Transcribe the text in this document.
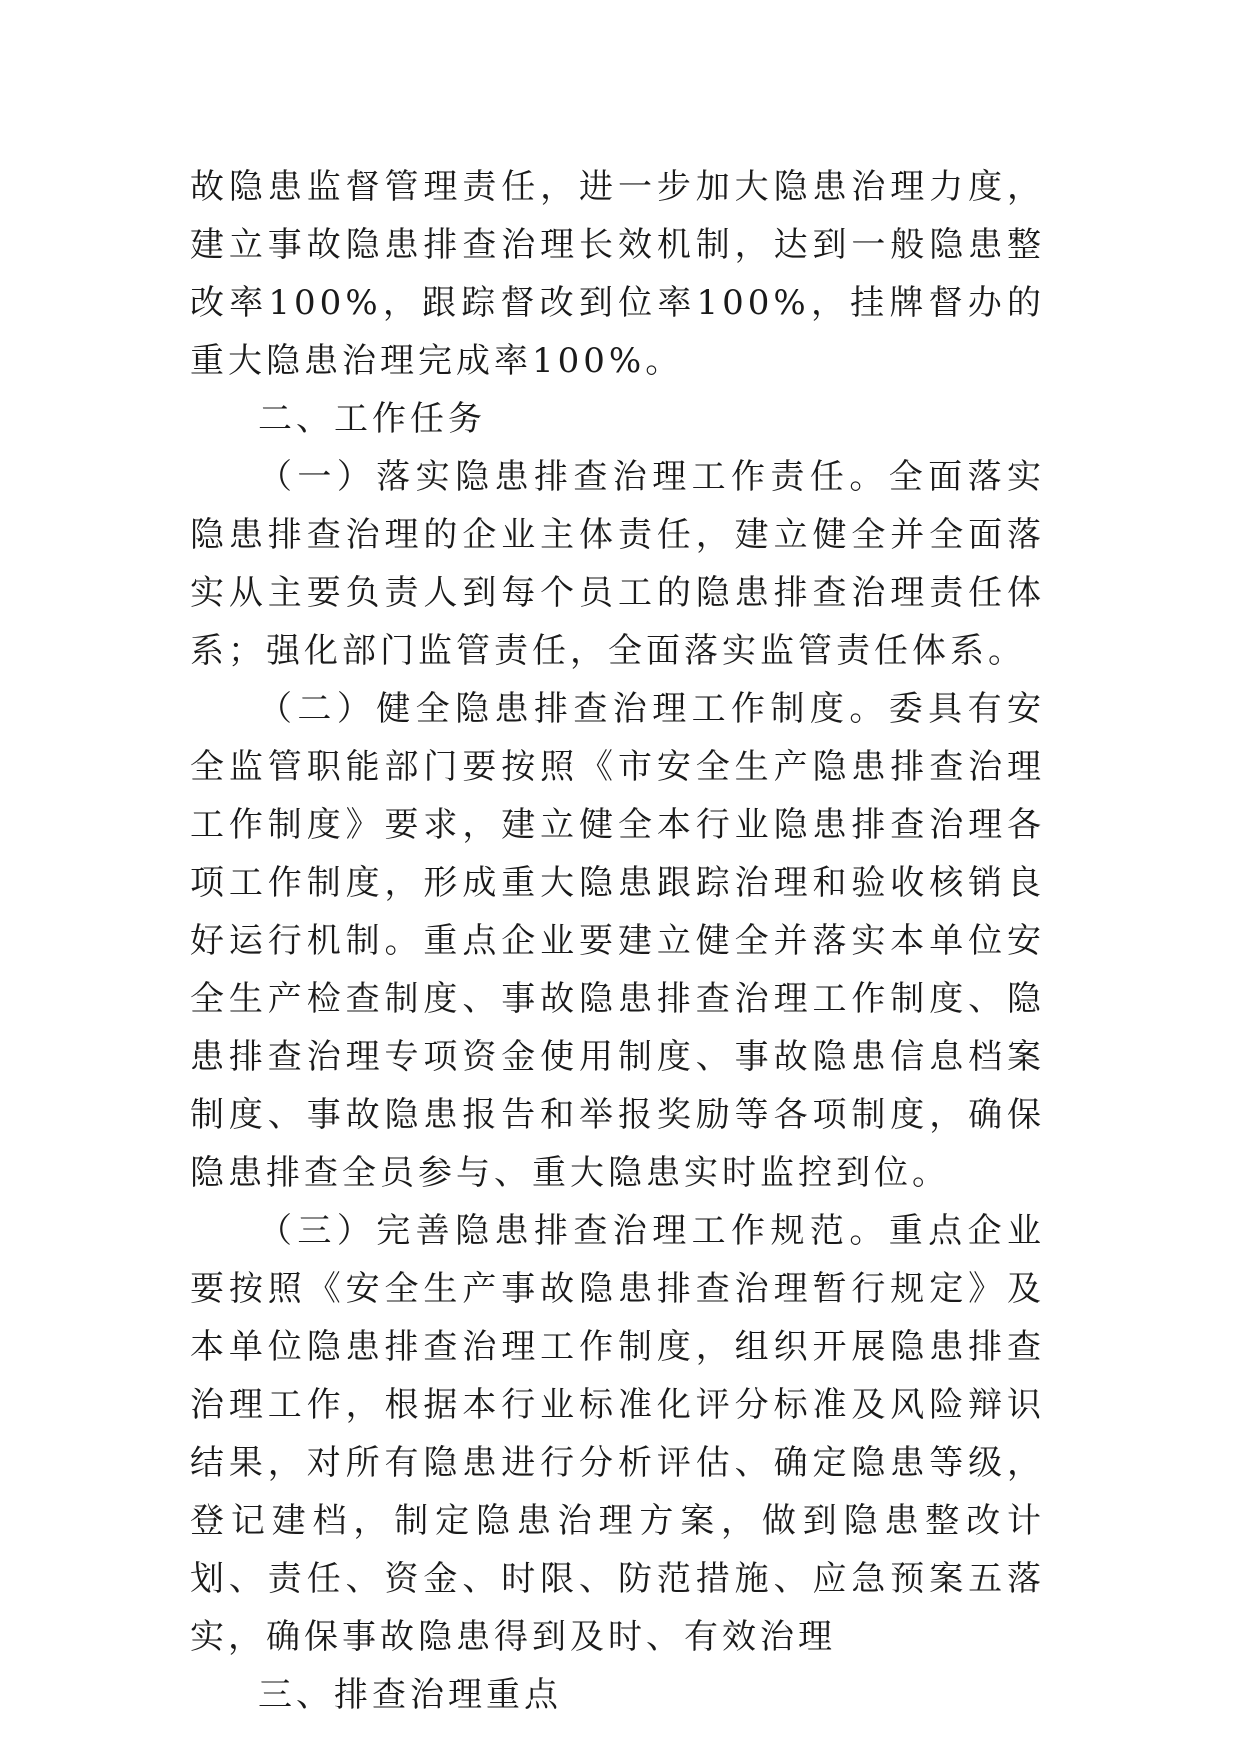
故隐患监督管理责任，进一步加大隐患治理力度，建立事故隐患排查治理长效机制，达到一般隐患整改率100%，跟踪督改到位率100%，挂牌督办的重大隐患治理完成率100%。

二、工作任务

（一）落实隐患排查治理工作责任。全面落实隐患排查治理的企业主体责任，建立健全并全面落实从主要负责人到每个员工的隐患排查治理责任体系；强化部门监管责任，全面落实监管责任体系。

（二）健全隐患排查治理工作制度。委具有安全监管职能部门要按照《市安全生产隐患排查治理工作制度》要求，建立健全本行业隐患排查治理各项工作制度，形成重大隐患跟踪治理和验收核销良好运行机制。重点企业要建立健全并落实本单位安全生产检查制度、事故隐患排查治理工作制度、隐患排查治理专项资金使用制度、事故隐患信息档案制度、事故隐患报告和举报奖励等各项制度，确保隐患排查全员参与、重大隐患实时监控到位。

（三）完善隐患排查治理工作规范。重点企业要按照《安全生产事故隐患排查治理暂行规定》及本单位隐患排查治理工作制度，组织开展隐患排查治理工作，根据本行业标准化评分标准及风险辩识结果，对所有隐患进行分析评估、确定隐患等级，登记建档，制定隐患治理方案，做到隐患整改计划、责任、资金、时限、防范措施、应急预案五落实，确保事故隐患得到及时、有效治理

三、排查治理重点
